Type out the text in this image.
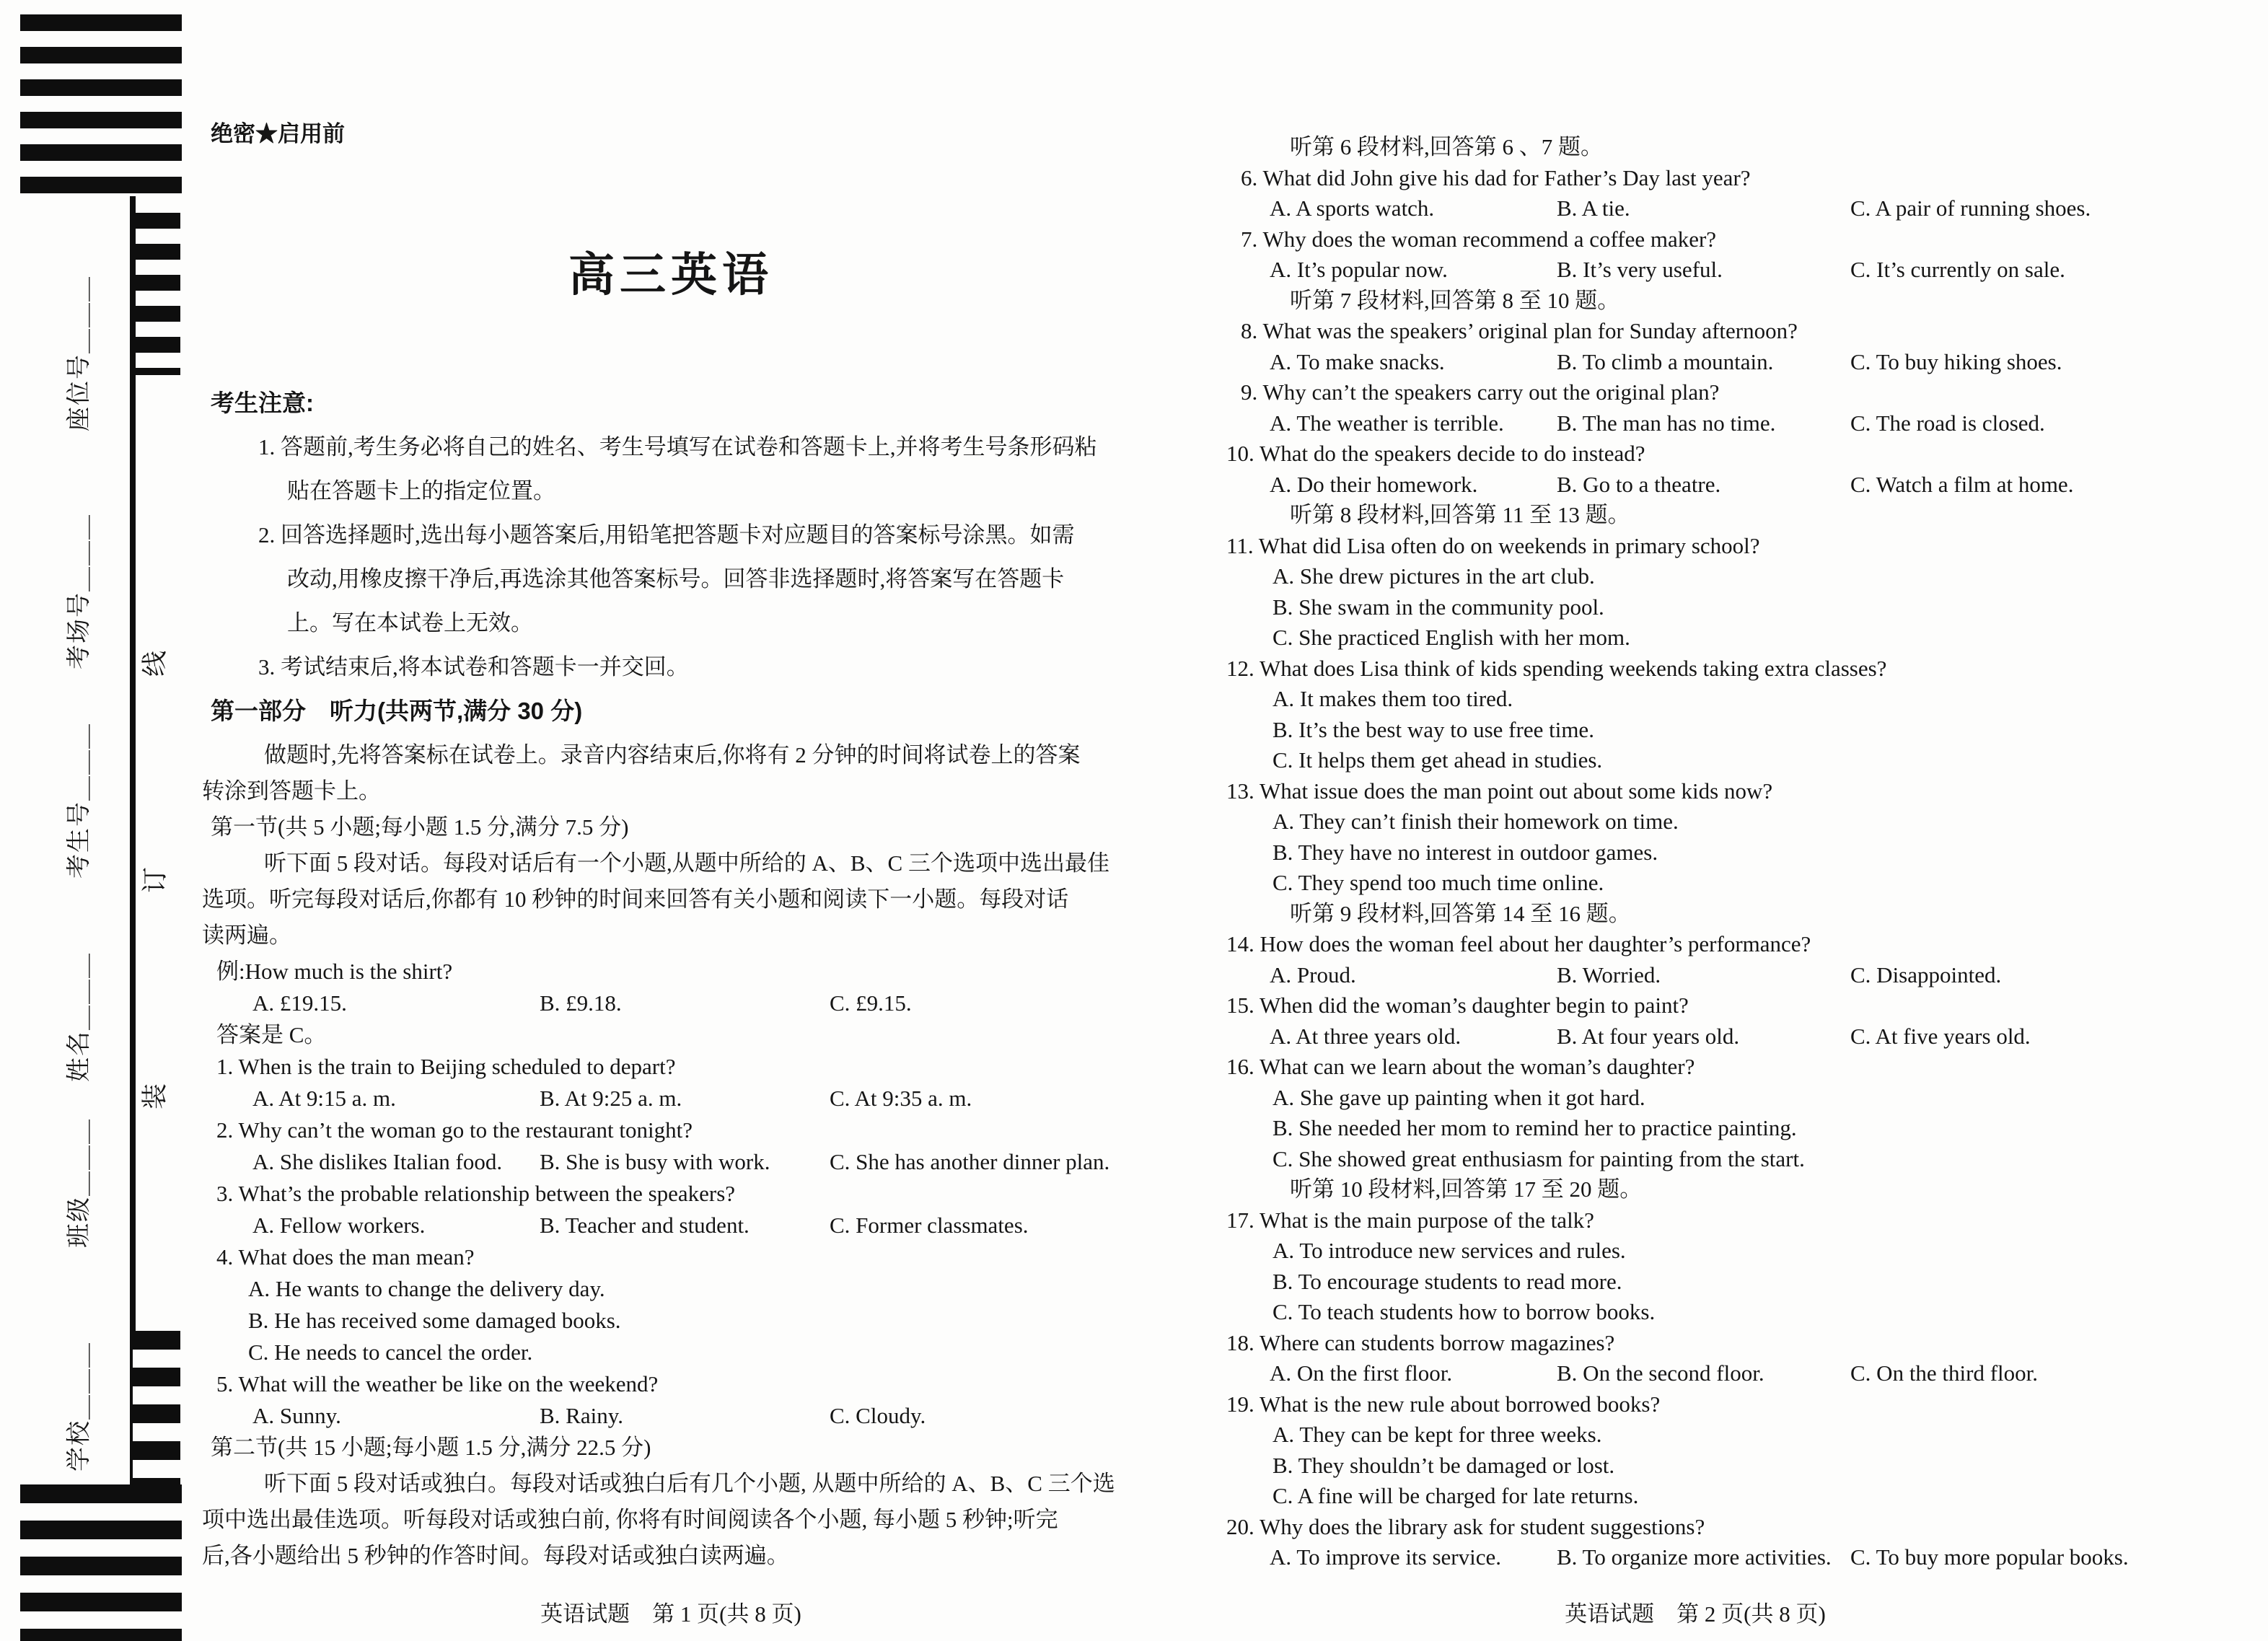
座位号＿＿＿
考场号＿＿＿
考生号＿＿＿
姓名＿＿＿
班级＿＿＿
学校＿＿＿
线
订
装
绝密★启用前
高三英语
考生注意:
1. 答题前,考生务必将自己的姓名、考生号填写在试卷和答题卡上,并将考生号条形码粘
贴在答题卡上的指定位置。
2. 回答选择题时,选出每小题答案后,用铅笔把答题卡对应题目的答案标号涂黑。如需
改动,用橡皮擦干净后,再选涂其他答案标号。回答非选择题时,将答案写在答题卡
上。写在本试卷上无效。
3. 考试结束后,将本试卷和答题卡一并交回。
第一部分　听力(共两节,满分 30 分)
做题时,先将答案标在试卷上。录音内容结束后,你将有 2 分钟的时间将试卷上的答案
转涂到答题卡上。
第一节(共 5 小题;每小题 1.5 分,满分 7.5 分)
听下面 5 段对话。每段对话后有一个小题,从题中所给的 A、B、C 三个选项中选出最佳
选项。听完每段对话后,你都有 10 秒钟的时间来回答有关小题和阅读下一小题。每段对话
读两遍。
例:How much is the shirt?
A. £19.15.	B. £9.18.	C. £9.15.
答案是 C。
1. When is the train to Beijing scheduled to depart?
A. At 9:15 a. m.	B. At 9:25 a. m.	C. At 9:35 a. m.
2. Why can’t the woman go to the restaurant tonight?
A. She dislikes Italian food. B. She is busy with work.	C. She has another dinner plan.
3. What’s the probable relationship between the speakers?
A. Fellow workers.	B. Teacher and student.	C. Former classmates.
4. What does the man mean?
A. He wants to change the delivery day.
B. He has received some damaged books.
C. He needs to cancel the order.
5. What will the weather be like on the weekend?
A. Sunny.	B. Rainy.	C. Cloudy.
第二节(共 15 小题;每小题 1.5 分,满分 22.5 分)
听下面 5 段对话或独白。每段对话或独白后有几个小题, 从题中所给的 A、B、C 三个选
项中选出最佳选项。听每段对话或独白前, 你将有时间阅读各个小题, 每小题 5 秒钟;听完
后,各小题给出 5 秒钟的作答时间。每段对话或独白读两遍。
听第 6 段材料,回答第 6 、7 题。
6. What did John give his dad for Father’s Day last year?
A. A sports watch.	B. A tie.	C. A pair of running shoes.
7. Why does the woman recommend a coffee maker?
A. It’s popular now.	B. It’s very useful.	C. It’s currently on sale.
听第 7 段材料,回答第 8 至 10 题。
8. What was the speakers’ original plan for Sunday afternoon?
A. To make snacks.	B. To climb a mountain.	C. To buy hiking shoes.
9. Why can’t the speakers carry out the original plan?
A. The weather is terrible. B. The man has no time.	C. The road is closed.
10. What do the speakers decide to do instead?
A. Do their homework.	B. Go to a theatre.	C. Watch a film at home.
听第 8 段材料,回答第 11 至 13 题。
11. What did Lisa often do on weekends in primary school?
A. She drew pictures in the art club.
B. She swam in the community pool.
C. She practiced English with her mom.
12. What does Lisa think of kids spending weekends taking extra classes?
A. It makes them too tired.
B. It’s the best way to use free time.
C. It helps them get ahead in studies.
13. What issue does the man point out about some kids now?
A. They can’t finish their homework on time.
B. They have no interest in outdoor games.
C. They spend too much time online.
听第 9 段材料,回答第 14 至 16 题。
14. How does the woman feel about her daughter’s performance?
A. Proud.	B. Worried.	C. Disappointed.
15. When did the woman’s daughter begin to paint?
A. At three years old.	B. At four years old.	C. At five years old.
16. What can we learn about the woman’s daughter?
A. She gave up painting when it got hard.
B. She needed her mom to remind her to practice painting.
C. She showed great enthusiasm for painting from the start.
听第 10 段材料,回答第 17 至 20 题。
17. What is the main purpose of the talk?
A. To introduce new services and rules.
B. To encourage students to read more.
C. To teach students how to borrow books.
18. Where can students borrow magazines?
A. On the first floor.	B. On the second floor.	C. On the third floor.
19. What is the new rule about borrowed books?
A. They can be kept for three weeks.
B. They shouldn’t be damaged or lost.
C. A fine will be charged for late returns.
20. Why does the library ask for student suggestions?
A. To improve its service. B. To organize more activities. C. To buy more popular books.
英语试题　第 1 页(共 8 页)	英语试题　第 2 页(共 8 页)
